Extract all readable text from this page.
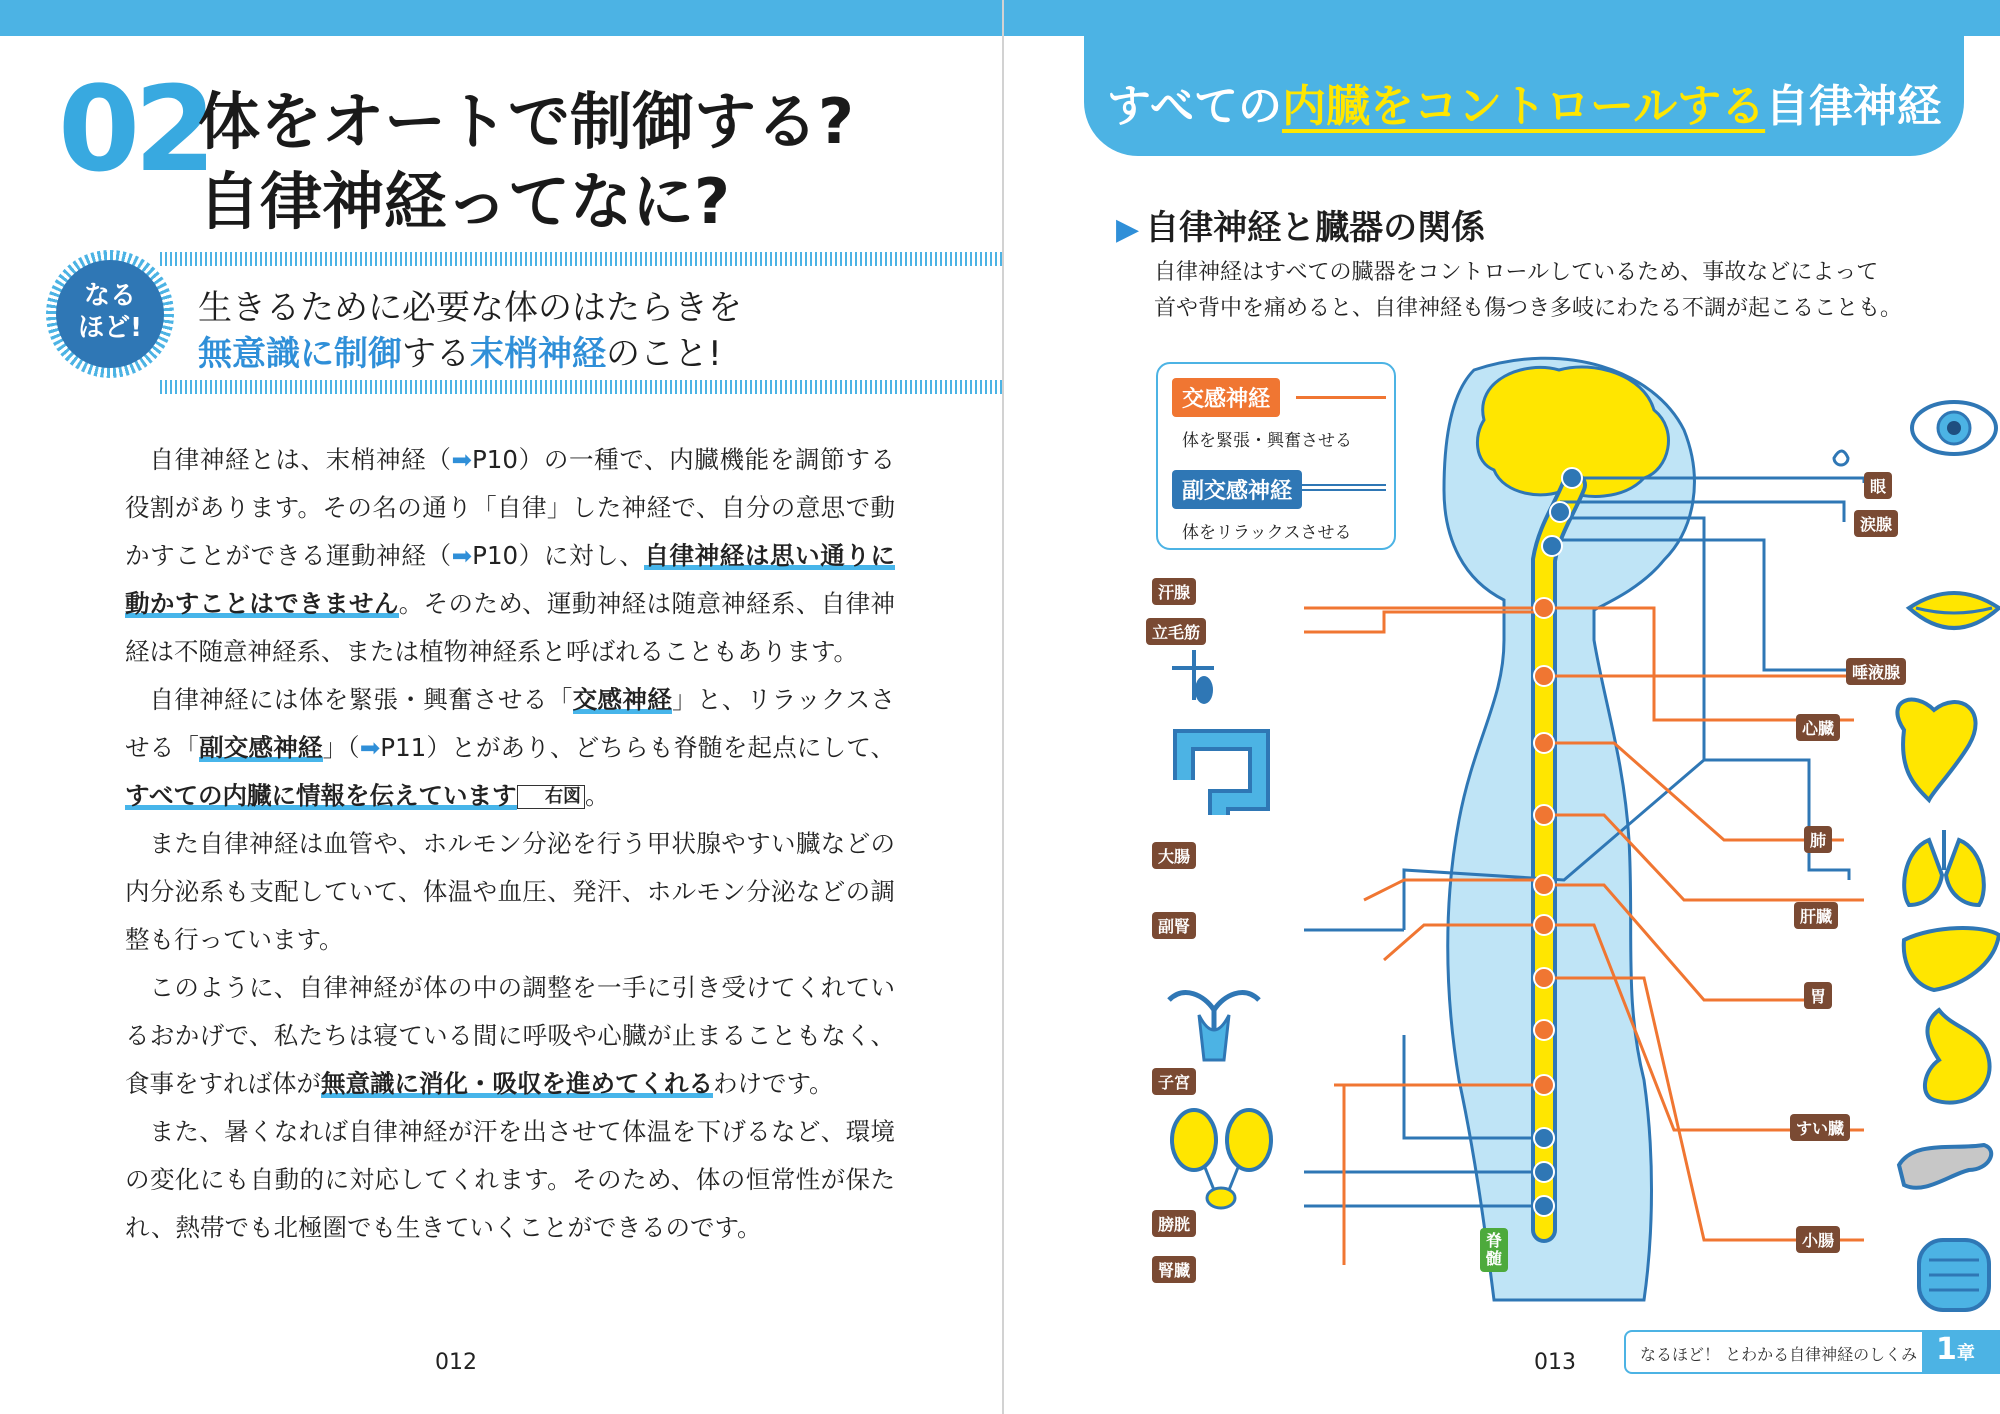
02
体をオートで制御する?
自律神経ってなに?
なる
ほど!	生きるために必要な体のはたらきを
無意識に制御する末梢神経のこと!

自律神経とは、末梢神経（➡P10）の一種で、内臓機能を調節する役割があります。その名の通り「自律」した神経で、自分の意思で動かすことができる運動神経（➡P10）に対し、自律神経は思い通りに動かすことはできません。そのため、運動神経は随意神経系、自律神経は不随意神経系、または植物神経系と呼ばれることもあります。

自律神経には体を緊張・興奮させる「交感神経」と、リラックスさせる「副交感神経」（➡P11）とがあり、どちらも脊髄を起点にして、すべての内臓に情報を伝えています 右図 。

また自律神経は血管や、ホルモン分泌を行う甲状腺やすい臓などの内分泌系も支配していて、体温や血圧、発汗、ホルモン分泌などの調整も行っています。

このように、自律神経が体の中の調整を一手に引き受けてくれているおかげで、私たちは寝ている間に呼吸や心臓が止まることもなく、食事をすれば体が無意識に消化・吸収を進めてくれるわけです。

また、暑くなれば自律神経が汗を出させて体温を下げるなど、環境の変化にも自動的に対応してくれます。そのため、体の恒常性が保たれ、熱帯でも北極圏でも生きていくことができるのです。

012
すべての内臓をコントロールする自律神経
▶ 自律神経と臓器の関係
自律神経はすべての臓器をコントロールしているため、事故などによって
首や背中を痛めると、自律神経も傷つき多岐にわたる不調が起こることも。
交感神経
体を緊張・興奮させる
副交感神経
体をリラックスさせる
汗腺
立毛筋
大腸
副腎
子宮
膀胱
腎臓
眼
涙腺
唾液腺
心臓
肺
肝臓
胃
すい臓
小腸
脊髄
013	なるほど！ とわかる自律神経のしくみ 1章
